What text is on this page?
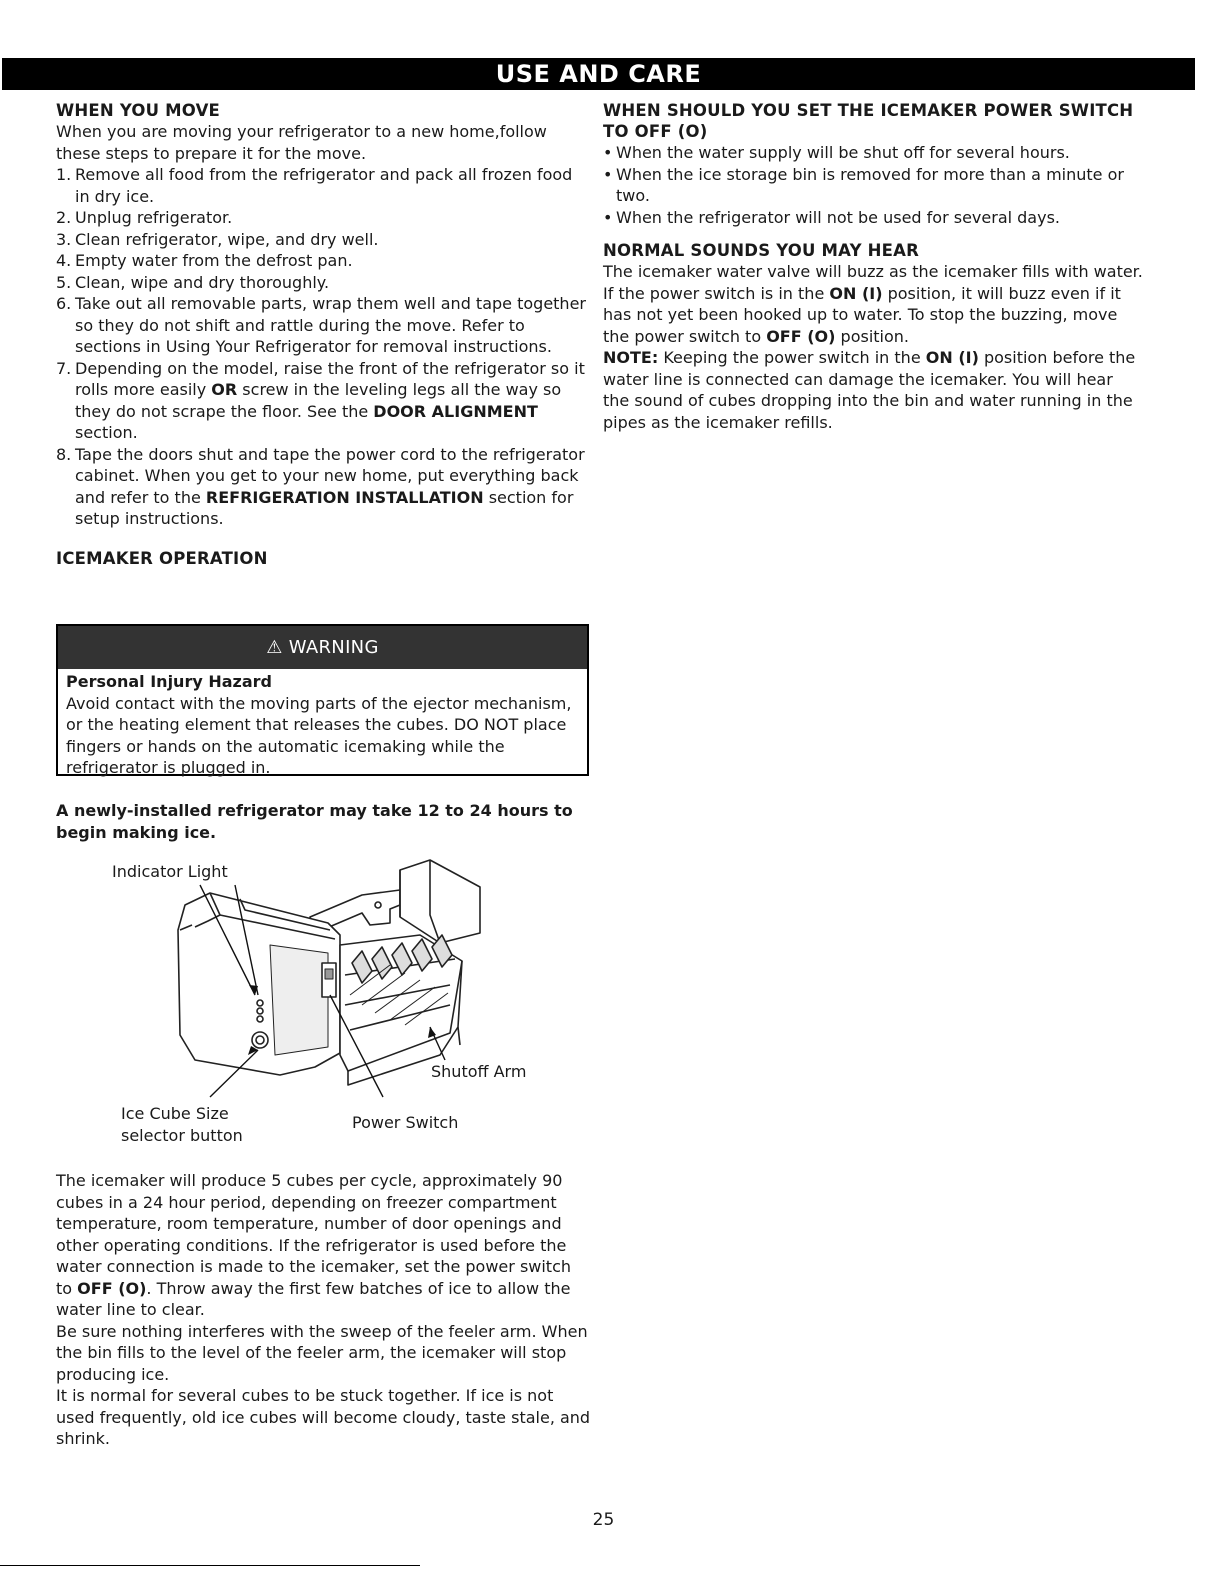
USE AND CARE
WHEN YOU MOVE

When you are moving your refrigerator to a new home,follow these steps to prepare it for the move.

1. Remove all food from the refrigerator and pack all frozen food in dry ice.
2. Unplug refrigerator.
3. Clean refrigerator, wipe, and dry well.
4. Empty water from the defrost pan.
5. Clean, wipe and dry thoroughly.
6. Take out all removable parts, wrap them well and tape together so they do not shift and rattle during the move. Refer to sections in Using Your Refrigerator for removal instructions.
7. Depending on the model, raise the front of the refrigerator so it rolls more easily OR screw in the leveling legs all the way so they do not scrape the floor. See the DOOR ALIGNMENT section.
8. Tape the doors shut and tape the power cord to the refrigerator cabinet. When you get to your new home, put everything back and refer to the REFRIGERATION INSTALLATION section for setup instructions.
ICEMAKER OPERATION
⚠ WARNING

Personal Injury Hazard

Avoid contact with the moving parts of the ejector mechanism, or the heating element that releases the cubes. DO NOT place fingers or hands on the automatic icemaking while the refrigerator is plugged in.

A newly-installed refrigerator may take 12 to 24 hours to begin making ice.

Indicator Light
Shutoff Arm
Ice Cube Size
selector button
Power Switch

The icemaker will produce 5 cubes per cycle, approximately 90 cubes in a 24 hour period, depending on freezer compartment temperature, room temperature, number of door openings and other operating conditions. If the refrigerator is used before the water connection is made to the icemaker, set the power switch to OFF (O). Throw away the first few batches of ice to allow the water line to clear.

Be sure nothing interferes with the sweep of the feeler arm. When the bin fills to the level of the feeler arm, the icemaker will stop producing ice.

It is normal for several cubes to be stuck together. If ice is not used frequently, old ice cubes will become cloudy, taste stale, and shrink.

WHEN SHOULD YOU SET THE ICEMAKER POWER SWITCH
TO OFF (O)
• When the water supply will be shut off for several hours.
• When the ice storage bin is removed for more than a minute or two.
• When the refrigerator will not be used for several days.
NORMAL SOUNDS YOU MAY HEAR

The icemaker water valve will buzz as the icemaker fills with water. If the power switch is in the ON (I) position, it will buzz even if it has not yet been hooked up to water. To stop the buzzing, move the power switch to OFF (O) position.

NOTE: Keeping the power switch in the ON (I) position before the water line is connected can damage the icemaker. You will hear the sound of cubes dropping into the bin and water running in the pipes as the icemaker refills.

25
